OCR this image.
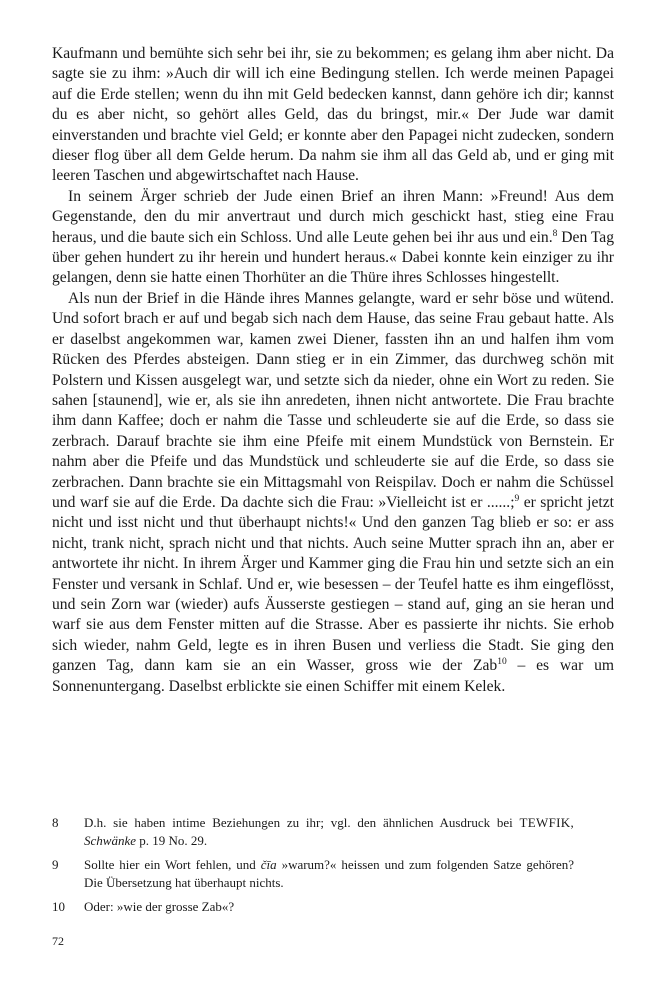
Kaufmann und bemühte sich sehr bei ihr, sie zu bekommen; es gelang ihm aber nicht. Da sagte sie zu ihm: »Auch dir will ich eine Bedingung stellen. Ich werde meinen Papagei auf die Erde stellen; wenn du ihn mit Geld bedecken kannst, dann gehöre ich dir; kannst du es aber nicht, so gehört alles Geld, das du bringst, mir.« Der Jude war damit einverstanden und brachte viel Geld; er konnte aber den Papagei nicht zudecken, sondern dieser flog über all dem Gelde herum. Da nahm sie ihm all das Geld ab, und er ging mit leeren Taschen und abgewirtschaftet nach Hause.

In seinem Ärger schrieb der Jude einen Brief an ihren Mann: »Freund! Aus dem Gegenstande, den du mir anvertraut und durch mich geschickt hast, stieg eine Frau heraus, und die baute sich ein Schloss. Und alle Leute gehen bei ihr aus und ein.$^8$ Den Tag über gehen hundert zu ihr herein und hundert heraus.« Dabei konnte kein einziger zu ihr gelangen, denn sie hatte einen Thorhüter an die Thüre ihres Schlosses hingestellt.

Als nun der Brief in die Hände ihres Mannes gelangte, ward er sehr böse und wütend. Und sofort brach er auf und begab sich nach dem Hause, das seine Frau gebaut hatte. Als er daselbst angekommen war, kamen zwei Diener, fassten ihn an und halfen ihm vom Rücken des Pferdes absteigen. Dann stieg er in ein Zimmer, das durchweg schön mit Polstern und Kissen ausgelegt war, und setzte sich da nieder, ohne ein Wort zu reden. Sie sahen [staunend], wie er, als sie ihn anredeten, ihnen nicht antwortete. Die Frau brachte ihm dann Kaffee; doch er nahm die Tasse und schleuderte sie auf die Erde, so dass sie zerbrach. Darauf brachte sie ihm eine Pfeife mit einem Mundstück von Bernstein. Er nahm aber die Pfeife und das Mundstück und schleuderte sie auf die Erde, so dass sie zerbrachen. Dann brachte sie ein Mittagsmahl von Reispilav. Doch er nahm die Schüssel und warf sie auf die Erde. Da dachte sich die Frau: »Vielleicht ist er ......;$^9$ er spricht jetzt nicht und isst nicht und thut überhaupt nichts!« Und den ganzen Tag blieb er so: er ass nicht, trank nicht, sprach nicht und that nichts. Auch seine Mutter sprach ihn an, aber er antwortete ihr nicht. In ihrem Ärger und Kammer ging die Frau hin und setzte sich an ein Fenster und versank in Schlaf. Und er, wie besessen – der Teufel hatte es ihm eingeflösst, und sein Zorn war (wieder) aufs Äusserste gestiegen – stand auf, ging an sie heran und warf sie aus dem Fenster mitten auf die Strasse. Aber es passierte ihr nichts. Sie erhob sich wieder, nahm Geld, legte es in ihren Busen und verliess die Stadt. Sie ging den ganzen Tag, dann kam sie an ein Wasser, gross wie der Zab$^{10}$ – es war um Sonnenuntergang. Daselbst erblickte sie einen Schiffer mit einem Kelek.

8	D.h. sie haben intime Beziehungen zu ihr; vgl. den ähnlichen Ausdruck bei TEWFIK, Schwänke p. 19 No. 29.
9	Sollte hier ein Wort fehlen, und čīa »warum?« heissen und zum folgenden Satze gehören? Die Übersetzung hat überhaupt nichts.
10	Oder: »wie der grosse Zab«?
72
